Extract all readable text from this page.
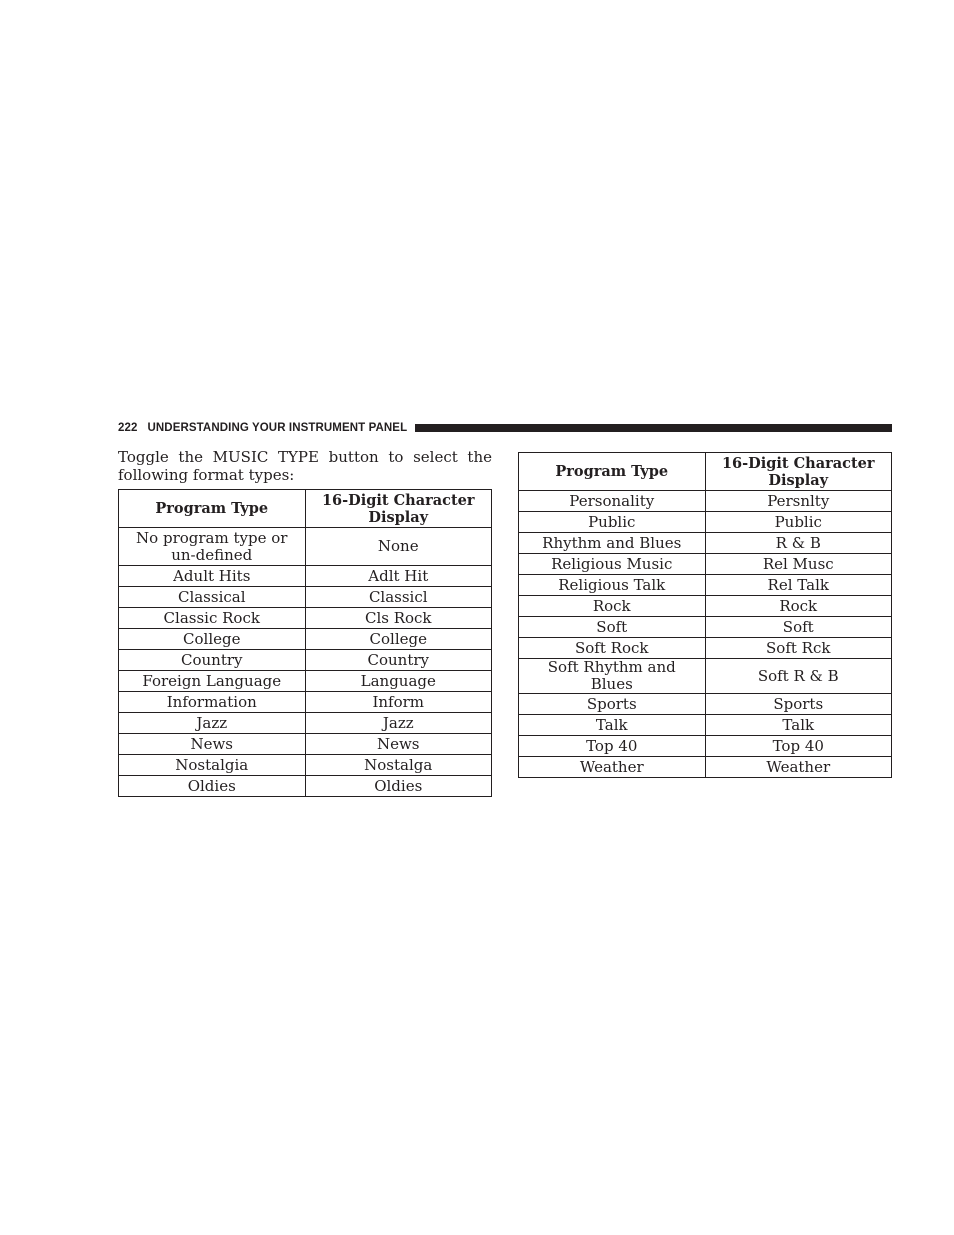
222 UNDERSTANDING YOUR INSTRUMENT PANEL
Toggle the MUSIC TYPE button to select the following format types:
Program Type	16-Digit Character Display
No program type or un-defined	None
Adult Hits	Adlt Hit
Classical	Classicl
Classic Rock	Cls Rock
College	College
Country	Country
Foreign Language	Language
Information	Inform
Jazz	Jazz
News	News
Nostalgia	Nostalga
Oldies	Oldies
Program Type	16-Digit Character Display
Personality	Persnlty
Public	Public
Rhythm and Blues	R & B
Religious Music	Rel Musc
Religious Talk	Rel Talk
Rock	Rock
Soft	Soft
Soft Rock	Soft Rck
Soft Rhythm and Blues	Soft R & B
Sports	Sports
Talk	Talk
Top 40	Top 40
Weather	Weather
